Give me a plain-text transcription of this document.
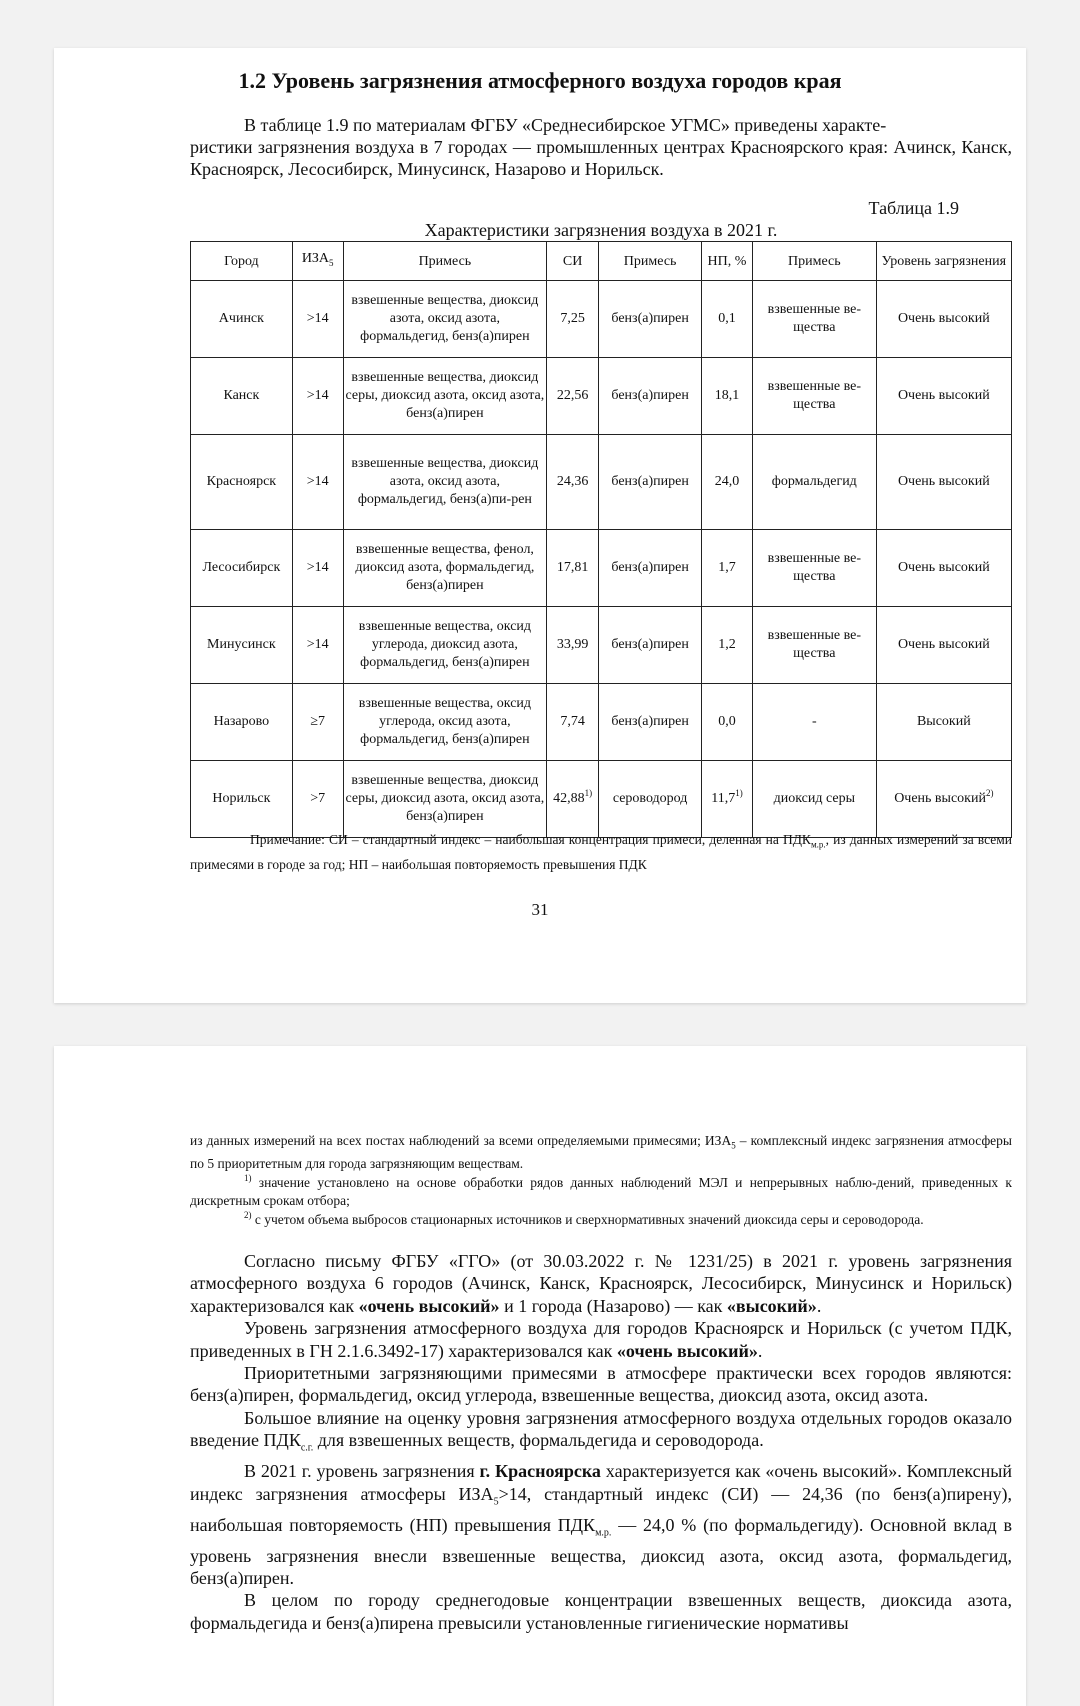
1.2 Уровень загрязнения атмосферного воздуха городов края
В таблице 1.9 по материалам ФГБУ «Среднесибирское УГМС» приведены характе-
ристики загрязнения воздуха в 7 городах — промышленных центрах Красноярского края: Ачинск, Канск, Красноярск, Лесосибирск, Минусинск, Назарово и Норильск.
Таблица 1.9
Характеристики загрязнения воздуха в 2021 г.
Город	$ИЗА_5$	Примесь	СИ	Примесь	НП, %	Примесь	Уровень загрязнения
Ачинск	>14	взвешенные вещества, диоксид азота, оксид азота, формальдегид, бенз(а)пирен	7,25	бенз(а)пирен	0,1	взвешенные ве-щества	Очень высокий
Канск	>14	взвешенные вещества, диоксид серы, диоксид азота, оксид азота, бенз(а)пирен	22,56	бенз(а)пирен	18,1	взвешенные ве-щества	Очень высокий
Красноярск	>14	взвешенные вещества, диоксид азота, оксид азота, формальдегид, бенз(а)пи-рен	24,36	бенз(а)пирен	24,0	формальдегид	Очень высокий
Лесосибирск	>14	взвешенные вещества, фенол, диоксид азота, формальдегид, бенз(а)пирен	17,81	бенз(а)пирен	1,7	взвешенные ве-щества	Очень высокий
Минусинск	>14	взвешенные вещества, оксид углерода, диоксид азота, формальдегид, бенз(а)пирен	33,99	бенз(а)пирен	1,2	взвешенные ве-щества	Очень высокий
Назарово	≥7	взвешенные вещества, оксид углерода, оксид азота, формальдегид, бенз(а)пирен	7,74	бенз(а)пирен	0,0	-	Высокий
Норильск	>7	взвешенные вещества, диоксид серы, диоксид азота, оксид азота, бенз(а)пирен	42,88$^{1)}$	сероводород	11,7$^{1)}$	диоксид серы	Очень высокий$^{2)}$

Примечание: СИ – стандартный индекс – наибольшая концентрация примеси, деленная на $ПДК_{м.р.}$, из данных измерений за всеми примесями в городе за год; НП – наибольшая повторяемость превышения ПДК

31

из данных измерений на всех постах наблюдений за всеми определяемыми примесями; $ИЗА_5$ – комплексный индекс загрязнения атмосферы по 5 приоритетным для города загрязняющим веществам.

$^{1)}$ значение установлено на основе обработки рядов данных наблюдений МЭЛ и непрерывных наблю-дений, приведенных к дискретным срокам отбора;

$^{2)}$ с учетом объема выбросов стационарных источников и сверхнормативных значений диоксида серы и сероводорода.

Согласно письму ФГБУ «ГГО» (от 30.03.2022 г. № 1231/25) в 2021 г. уровень загрязнения атмосферного воздуха 6 городов (Ачинск, Канск, Красноярск, Лесосибирск, Минусинск и Норильск) характеризовался как «очень высокий» и 1 города (Назарово) — как «высокий».

Уровень загрязнения атмосферного воздуха для городов Красноярск и Норильск (с учетом ПДК, приведенных в ГН 2.1.6.3492-17) характеризовался как «очень высокий».

Приоритетными загрязняющими примесями в атмосфере практически всех городов являются: бенз(а)пирен, формальдегид, оксид углерода, взвешенные вещества, диоксид азота, оксид азота.

Большое влияние на оценку уровня загрязнения атмосферного воздуха отдельных городов оказало введение $ПДК_{с.г.}$ для взвешенных веществ, формальдегида и сероводорода.

В 2021 г. уровень загрязнения г. Красноярска характеризуется как «очень высокий». Комплексный индекс загрязнения атмосферы $ИЗА_5>14$, стандартный индекс (СИ) — 24,36 (по бенз(а)пирену), наибольшая повторяемость (НП) превышения $ПДК_{м.р.}$ — 24,0 % (по формальдегиду). Основной вклад в уровень загрязнения внесли взвешенные вещества, диоксид азота, оксид азота, формальдегид, бенз(а)пирен.

В целом по городу среднегодовые концентрации взвешенных веществ, диоксида азота, формальдегида и бенз(а)пирена превысили установленные гигиенические нормативы
